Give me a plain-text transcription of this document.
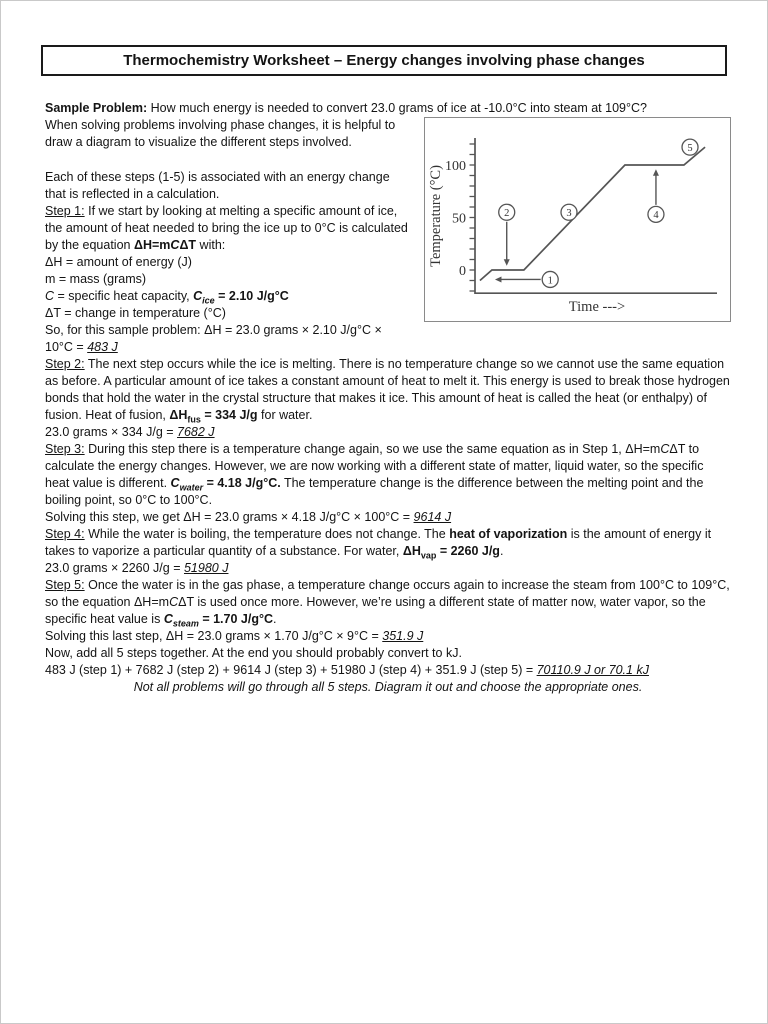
Thermochemistry Worksheet – Energy changes involving phase changes

Sample Problem: How much energy is needed to convert 23.0 grams of ice at -10.0°C into steam at 109°C?

0
50
100
Temperature (°C)
Time --->
1
2	3	4
5

When solving problems involving phase changes, it is helpful to draw a diagram to visualize the different steps involved.

Each of these steps (1-5) is associated with an energy change that is reflected in a calculation.

Step 1: If we start by looking at melting a specific amount of ice, the amount of heat needed to bring the ice up to 0°C is calculated by the equation ΔH=mCΔT with:
ΔH = amount of energy (J)
m = mass (grams)
C = specific heat capacity, $C_{ice} = 2.10$ J/g°C
ΔT = change in temperature (°C)
So, for this sample problem: ΔH = 23.0 grams × 2.10 J/g°C × 10°C = 483 J

Step 2: The next step occurs while the ice is melting. There is no temperature change so we cannot use the same equation as before. A particular amount of ice takes a constant amount of heat to melt it. This energy is used to break those hydrogen bonds that hold the water in the crystal structure that makes it ice. This amount of heat is called the heat (or enthalpy) of fusion. Heat of fusion, $\Delta H_{fus} = 334$ J/g for water.
23.0 grams × 334 J/g = 7682 J

Step 3: During this step there is a temperature change again, so we use the same equation as in Step 1, ΔH=mCΔT to calculate the energy changes. However, we are now working with a different state of matter, liquid water, so the specific heat value is different. $C_{water} = 4.18$ J/g°C. The temperature change is the difference between the melting point and the boiling point, so 0°C to 100°C.
Solving this step, we get ΔH = 23.0 grams × 4.18 J/g°C × 100°C = 9614 J

Step 4: While the water is boiling, the temperature does not change. The heat of vaporization is the amount of energy it takes to vaporize a particular quantity of a substance. For water, $\Delta H_{vap} = 2260$ J/g.
23.0 grams × 2260 J/g = 51980 J

Step 5: Once the water is in the gas phase, a temperature change occurs again to increase the steam from 100°C to 109°C, so the equation ΔH=mCΔT is used once more. However, we’re using a different state of matter now, water vapor, so the specific heat value is $C_{steam} = 1.70$ J/g°C.
Solving this last step, ΔH = 23.0 grams × 1.70 J/g°C × 9°C = 351.9 J

Now, add all 5 steps together. At the end you should probably convert to kJ.
483 J (step 1) + 7682 J (step 2) + 9614 J (step 3) + 51980 J (step 4) + 351.9 J (step 5) = 70110.9 J or 70.1 kJ

Not all problems will go through all 5 steps. Diagram it out and choose the appropriate ones.
